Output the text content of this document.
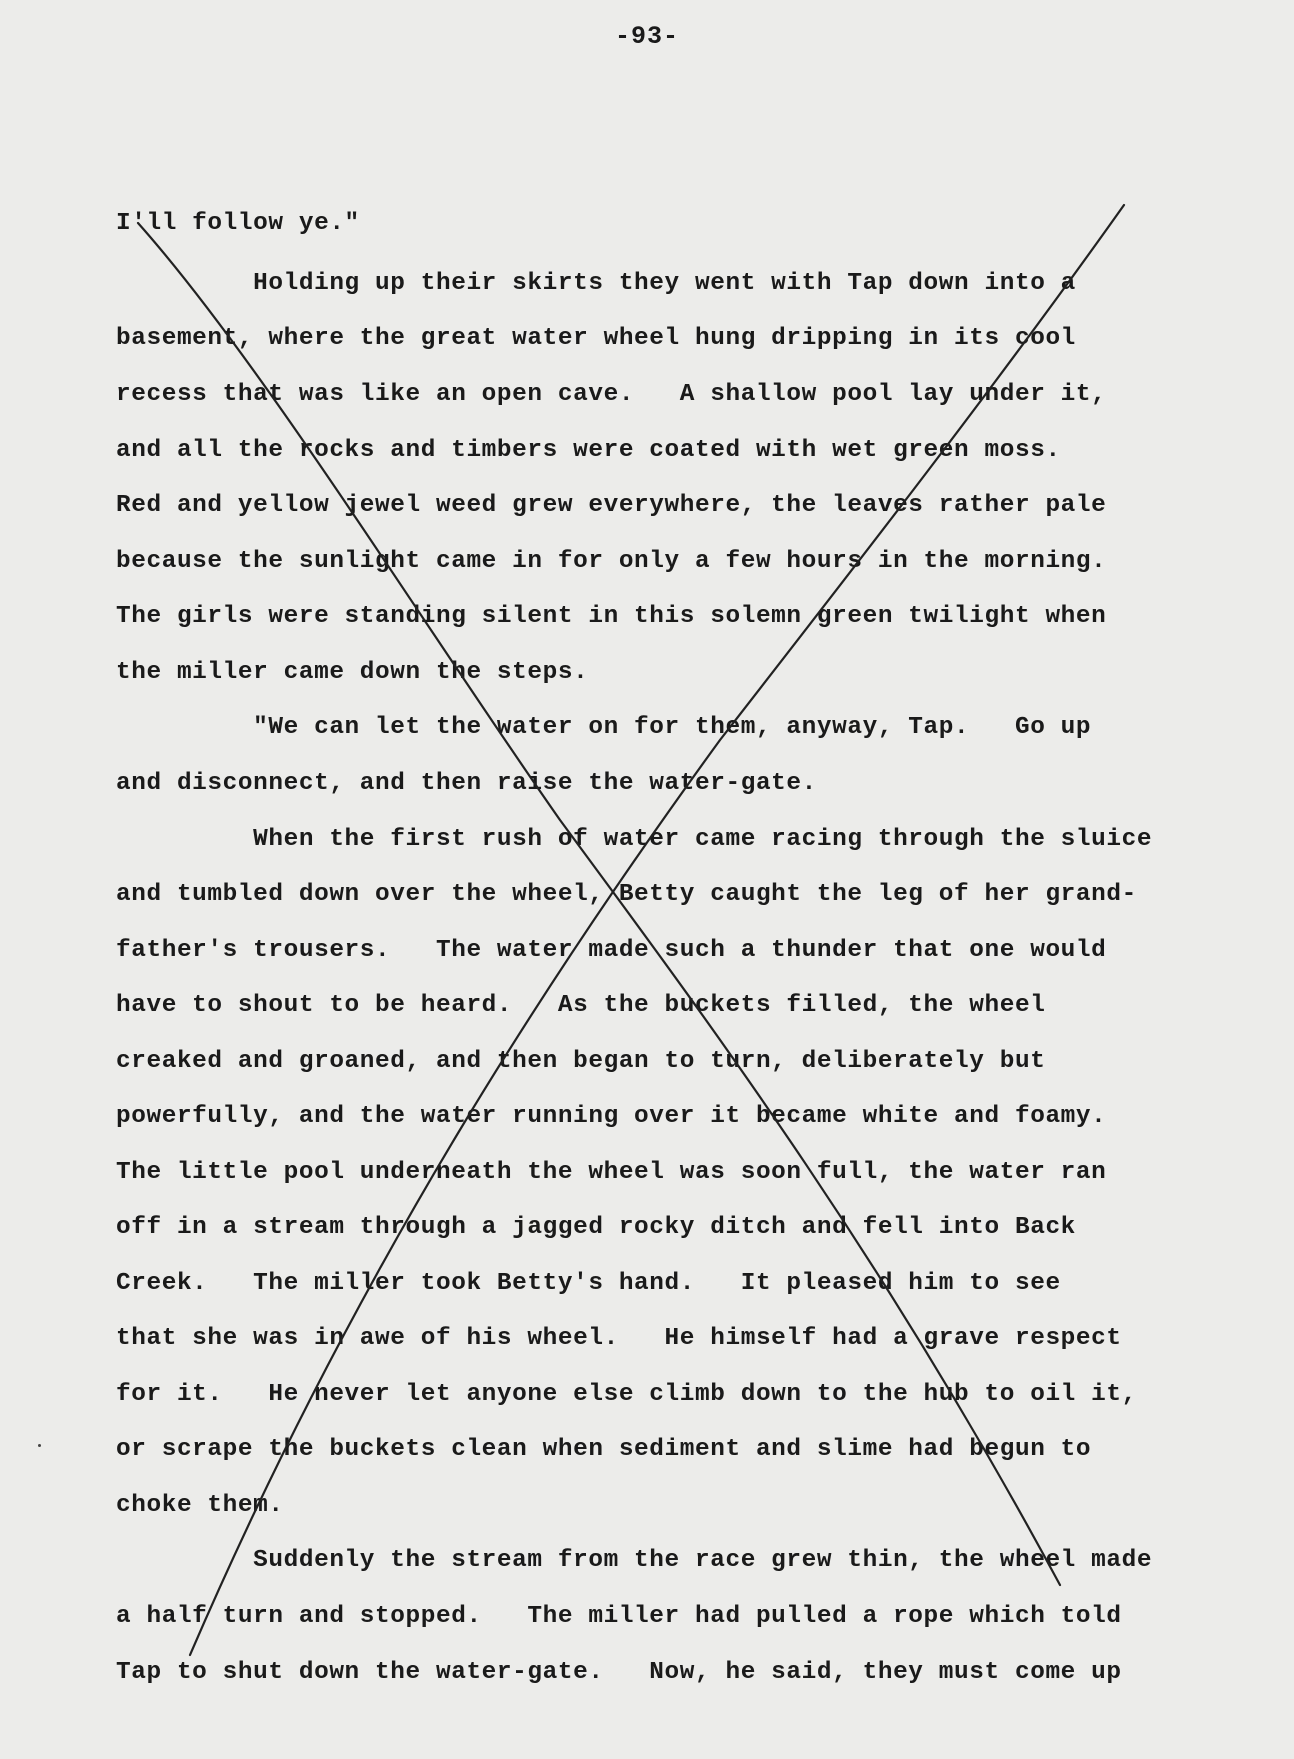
-93-
I'll follow ye."
Holding up their skirts they went with Tap down into a
basement, where the great water wheel hung dripping in its cool
recess that was like an open cave.   A shallow pool lay under it,
and all the rocks and timbers were coated with wet green moss.
Red and yellow jewel weed grew everywhere, the leaves rather pale
because the sunlight came in for only a few hours in the morning.
The girls were standing silent in this solemn green twilight when
the miller came down the steps.
"We can let the water on for them, anyway, Tap.   Go up
and disconnect, and then raise the water-gate.
When the first rush of water came racing through the sluice
and tumbled down over the wheel, Betty caught the leg of her grand-
father's trousers.   The water made such a thunder that one would
have to shout to be heard.   As the buckets filled, the wheel
creaked and groaned, and then began to turn, deliberately but
powerfully, and the water running over it became white and foamy.
The little pool underneath the wheel was soon full, the water ran
off in a stream through a jagged rocky ditch and fell into Back
Creek.   The miller took Betty's hand.   It pleased him to see
that she was in awe of his wheel.   He himself had a grave respect
for it.   He never let anyone else climb down to the hub to oil it,
or scrape the buckets clean when sediment and slime had begun to
choke them.
Suddenly the stream from the race grew thin, the wheel made
a half turn and stopped.   The miller had pulled a rope which told
Tap to shut down the water-gate.   Now, he said, they must come up
